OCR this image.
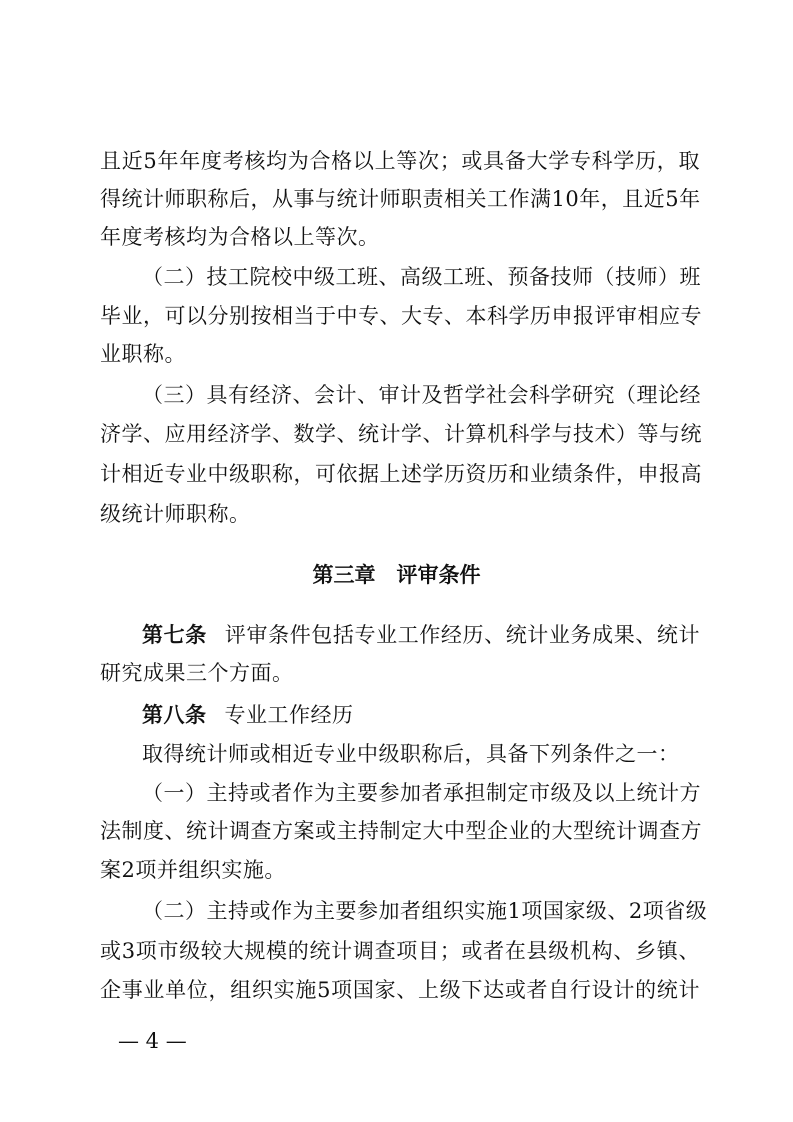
且近5年年度考核均为合格以上等次；或具备大学专科学历，取
得统计师职称后，从事与统计师职责相关工作满10年，且近5年
年度考核均为合格以上等次。
（二）技工院校中级工班、高级工班、预备技师（技师）班
毕业，可以分别按相当于中专、大专、本科学历申报评审相应专
业职称。
（三）具有经济、会计、审计及哲学社会科学研究（理论经
济学、应用经济学、数学、统计学、计算机科学与技术）等与统
计相近专业中级职称，可依据上述学历资历和业绩条件，申报高
级统计师职称。
第三章　评审条件
第七条 评审条件包括专业工作经历、统计业务成果、统计
研究成果三个方面。
第八条 专业工作经历
取得统计师或相近专业中级职称后，具备下列条件之一：
（一）主持或者作为主要参加者承担制定市级及以上统计方
法制度、统计调查方案或主持制定大中型企业的大型统计调查方
案2项并组织实施。
（二）主持或作为主要参加者组织实施1项国家级、2项省级
或3项市级较大规模的统计调查项目；或者在县级机构、乡镇、
企事业单位，组织实施5项国家、上级下达或者自行设计的统计
— 4 —
